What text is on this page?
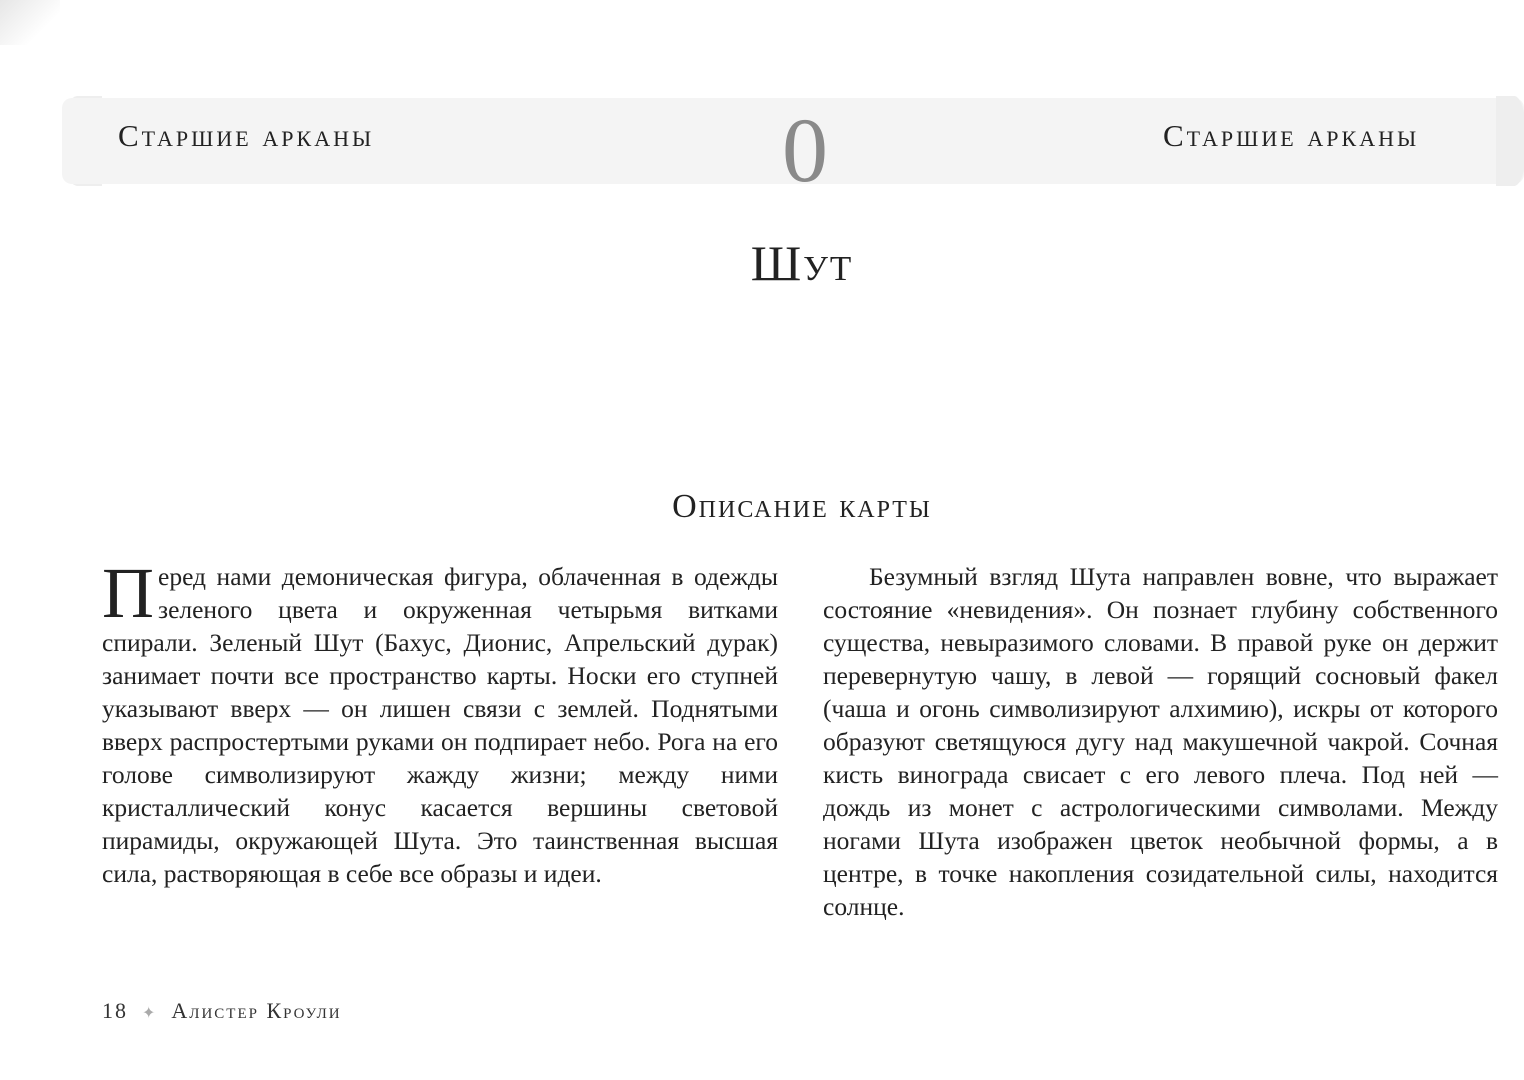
Старшие арканы	0	Старшие арканы
Шут
Описание карты

Перед нами демоническая фигура, облаченная в одежды зеленого цвета и окруженная четырьмя витками спирали. Зеленый Шут (Бахус, Дионис, Апрельский дурак) занимает почти все пространство карты. Носки его ступней указывают вверх — он лишен связи с землей. Поднятыми вверх распростертыми руками он подпирает небо. Рога на его голове символизируют жажду жизни; между ними кристаллический конус касается вершины световой пирамиды, окружающей Шута. Это таинственная высшая сила, растворяющая в себе все образы и идеи.

Безумный взгляд Шута направлен вовне, что выражает состояние «невидения». Он познает глубину собственного существа, невыразимого словами. В правой руке он держит перевернутую чашу, в левой — горящий сосновый факел (чаша и огонь символизируют алхимию), искры от которого образуют светящуюся дугу над макушечной чакрой. Сочная кисть винограда свисает с его левого плеча. Под ней — дождь из монет с астрологическими символами. Между ногами Шута изображен цветок необычной формы, а в центре, в точке накопления созидательной силы, находится солнце.

18 ✦ Алистер Кроули
